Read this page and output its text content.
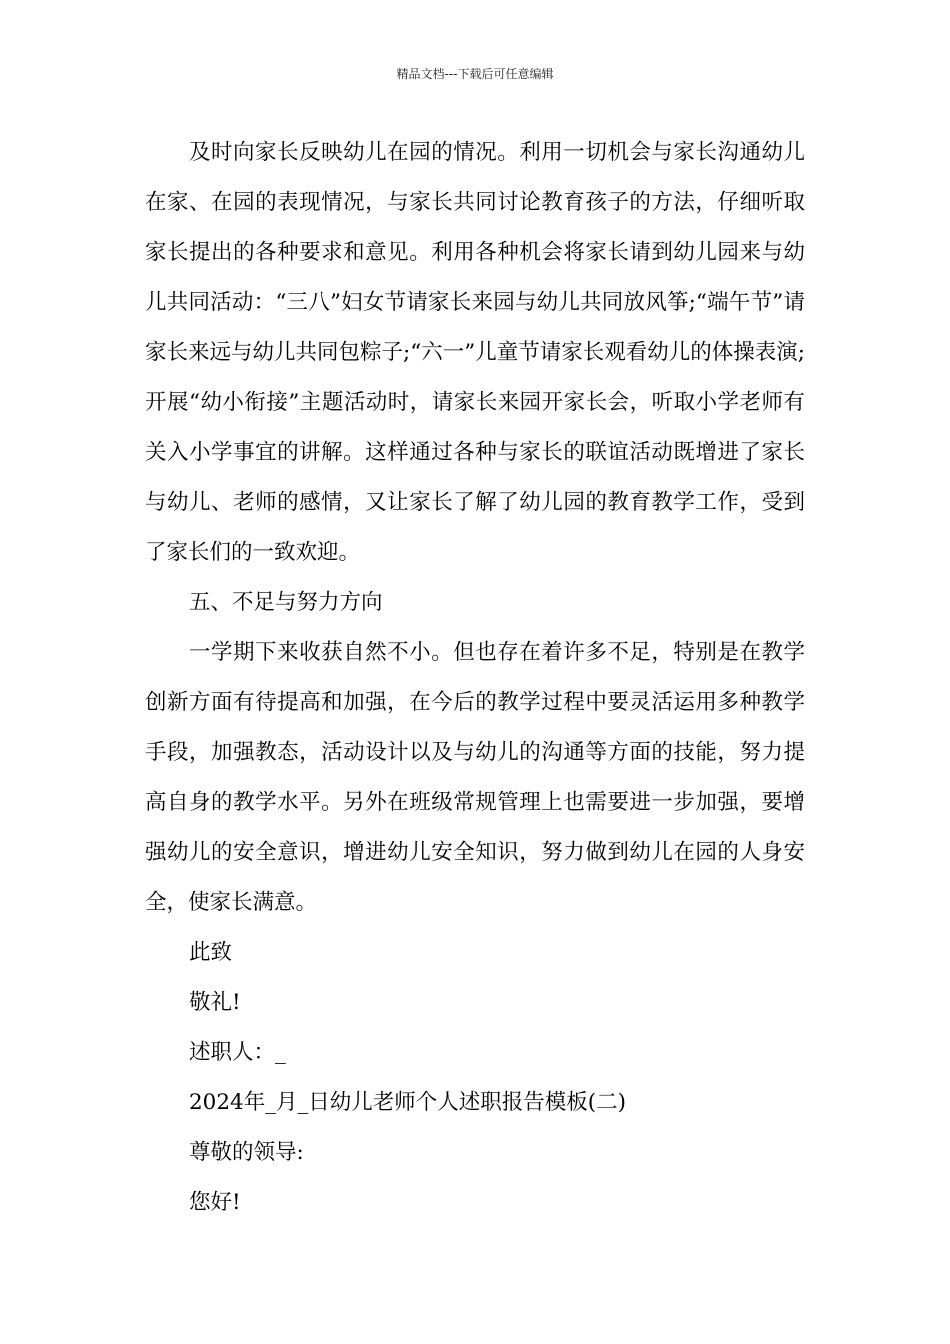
精品文档---下载后可任意编辑

及时向家长反映幼儿在园的情况。利用一切机会与家长沟通幼儿在家、在园的表现情况，与家长共同讨论教育孩子的方法，仔细听取家长提出的各种要求和意见。利用各种机会将家长请到幼儿园来与幼儿共同活动：“三八”妇女节请家长来园与幼儿共同放风筝;“端午节”请家长来远与幼儿共同包粽子;“六一”儿童节请家长观看幼儿的体操表演;开展“幼小衔接”主题活动时，请家长来园开家长会，听取小学老师有关入小学事宜的讲解。这样通过各种与家长的联谊活动既增进了家长与幼儿、老师的感情，又让家长了解了幼儿园的教育教学工作，受到了家长们的一致欢迎。

五、不足与努力方向

一学期下来收获自然不小。但也存在着许多不足，特别是在教学创新方面有待提高和加强，在今后的教学过程中要灵活运用多种教学手段，加强教态，活动设计以及与幼儿的沟通等方面的技能，努力提高自身的教学水平。另外在班级常规管理上也需要进一步加强，要增强幼儿的安全意识，增进幼儿安全知识，努力做到幼儿在园的人身安全，使家长满意。

此致

敬礼!

述职人：_

2024年_月_日幼儿老师个人述职报告模板(二)

尊敬的领导:

您好!
